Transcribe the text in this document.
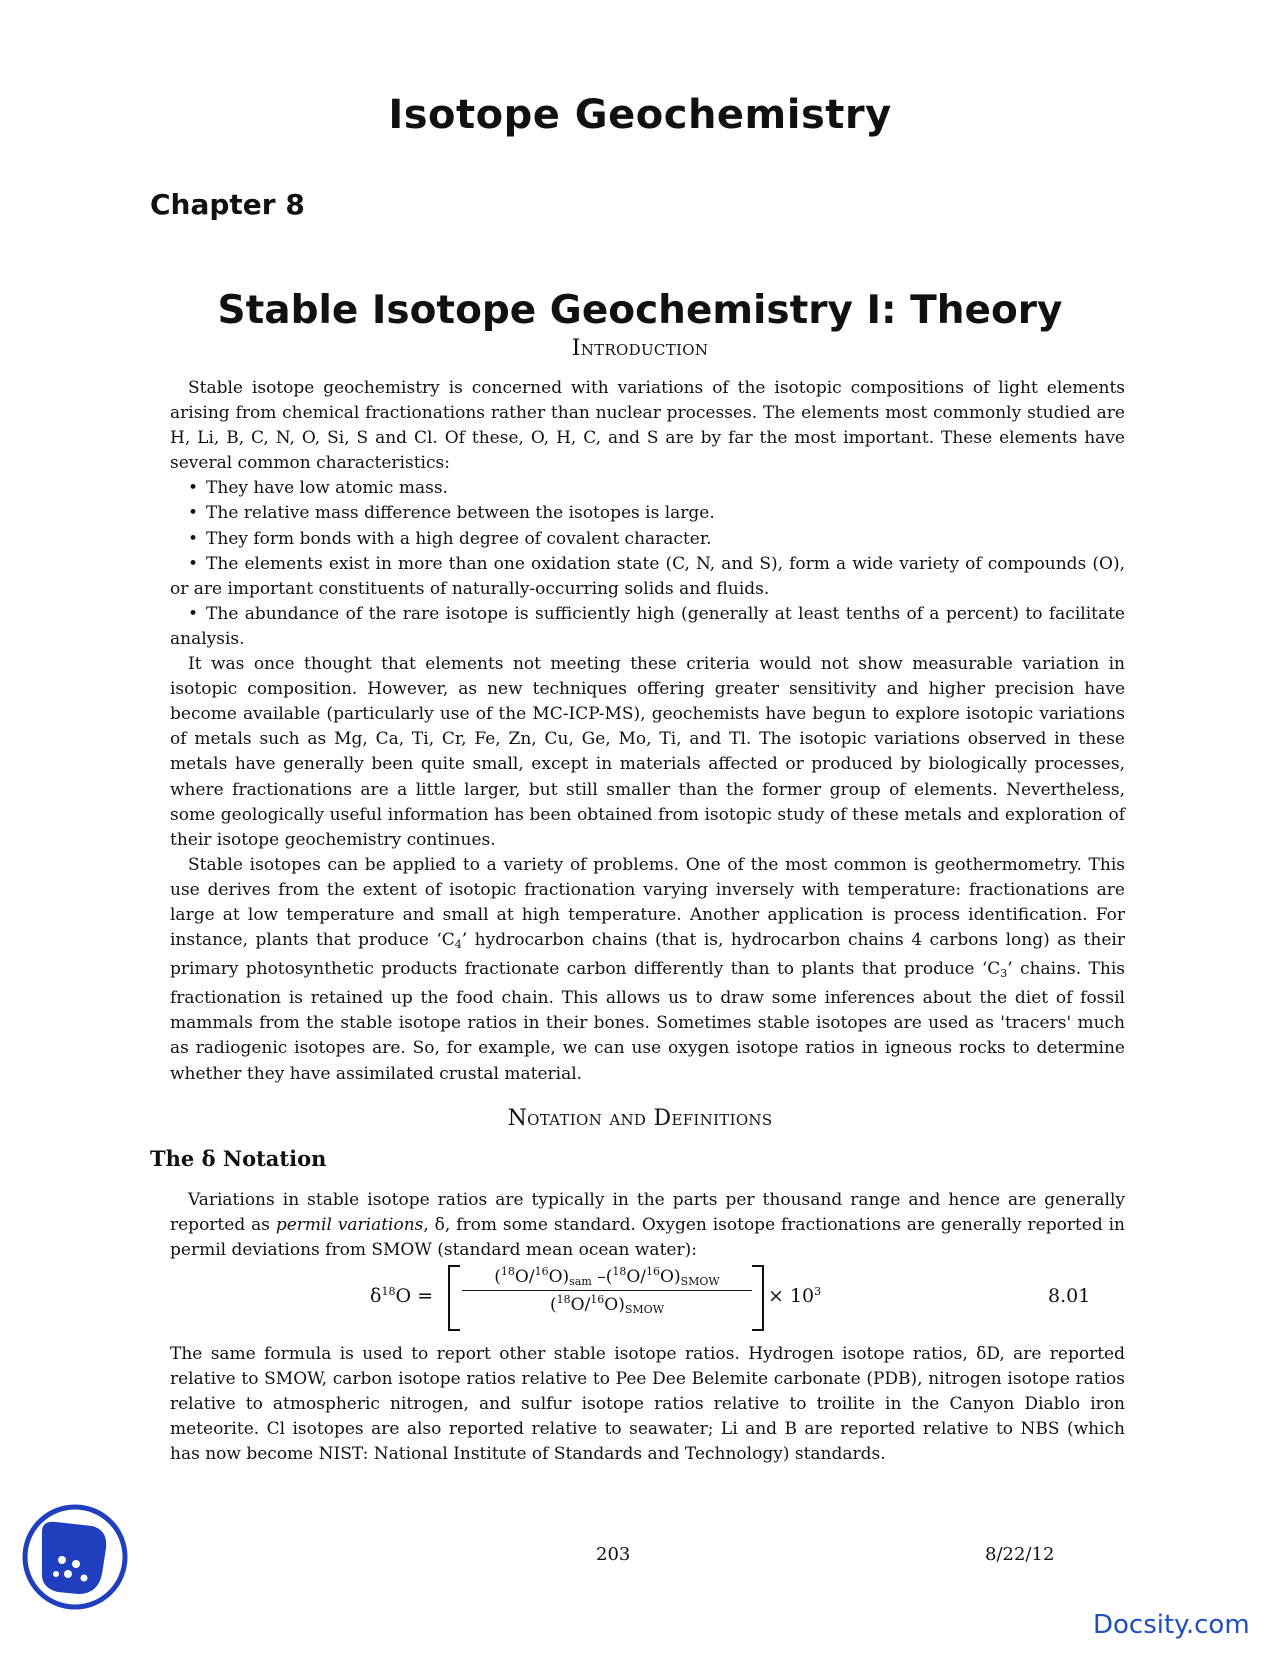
Isotope Geochemistry
Chapter 8
Stable Isotope Geochemistry I: Theory
Introduction

Stable isotope geochemistry is concerned with variations of the isotopic compositions of light elements arising from chemical fractionations rather than nuclear processes. The elements most commonly studied are H, Li, B, C, N, O, Si, S and Cl. Of these, O, H, C, and S are by far the most important. These elements have several common characteristics:

• They have low atomic mass.
• The relative mass difference between the isotopes is large.
• They form bonds with a high degree of covalent character.
• The elements exist in more than one oxidation state (C, N, and S), form a wide variety of compounds (O), or are important constituents of naturally-occurring solids and fluids.
• The abundance of the rare isotope is sufficiently high (generally at least tenths of a percent) to facilitate analysis.

It was once thought that elements not meeting these criteria would not show measurable variation in isotopic composition. However, as new techniques offering greater sensitivity and higher precision have become available (particularly use of the MC-ICP-MS), geochemists have begun to explore isotopic variations of metals such as Mg, Ca, Ti, Cr, Fe, Zn, Cu, Ge, Mo, Ti, and Tl. The isotopic variations observed in these metals have generally been quite small, except in materials affected or produced by biologically processes, where fractionations are a little larger, but still smaller than the former group of elements. Nevertheless, some geologically useful information has been obtained from isotopic study of these metals and exploration of their isotope geochemistry continues.

Stable isotopes can be applied to a variety of problems. One of the most common is geothermometry. This use derives from the extent of isotopic fractionation varying inversely with temperature: fractionations are large at low temperature and small at high temperature. Another application is process identification. For instance, plants that produce ‘$C_4$’ hydrocarbon chains (that is, hydrocarbon chains 4 carbons long) as their primary photosynthetic products fractionate carbon differently than to plants that produce ‘$C_3$’ chains. This fractionation is retained up the food chain. This allows us to draw some inferences about the diet of fossil mammals from the stable isotope ratios in their bones. Sometimes stable isotopes are used as 'tracers' much as radiogenic isotopes are. So, for example, we can use oxygen isotope ratios in igneous rocks to determine whether they have assimilated crustal material.

Notation and Definitions
The δ Notation

Variations in stable isotope ratios are typically in the parts per thousand range and hence are generally reported as permil variations, δ, from some standard. Oxygen isotope fractionations are generally reported in permil deviations from SMOW (standard mean ocean water):

$\delta^{18}O$ =
$(^{18}O/^{16}O)_{sam}$ $-(^{18}O/^{16}O)_{SMOW}$
$(^{18}O/^{16}O)_{SMOW}$
× $10^3$	8.01

The same formula is used to report other stable isotope ratios. Hydrogen isotope ratios, δD, are reported relative to SMOW, carbon isotope ratios relative to Pee Dee Belemite carbonate (PDB), nitrogen isotope ratios relative to atmospheric nitrogen, and sulfur isotope ratios relative to troilite in the Canyon Diablo iron meteorite. Cl isotopes are also reported relative to seawater; Li and B are reported relative to NBS (which has now become NIST: National Institute of Standards and Technology) standards.

203	8/22/12
Docsity.com
